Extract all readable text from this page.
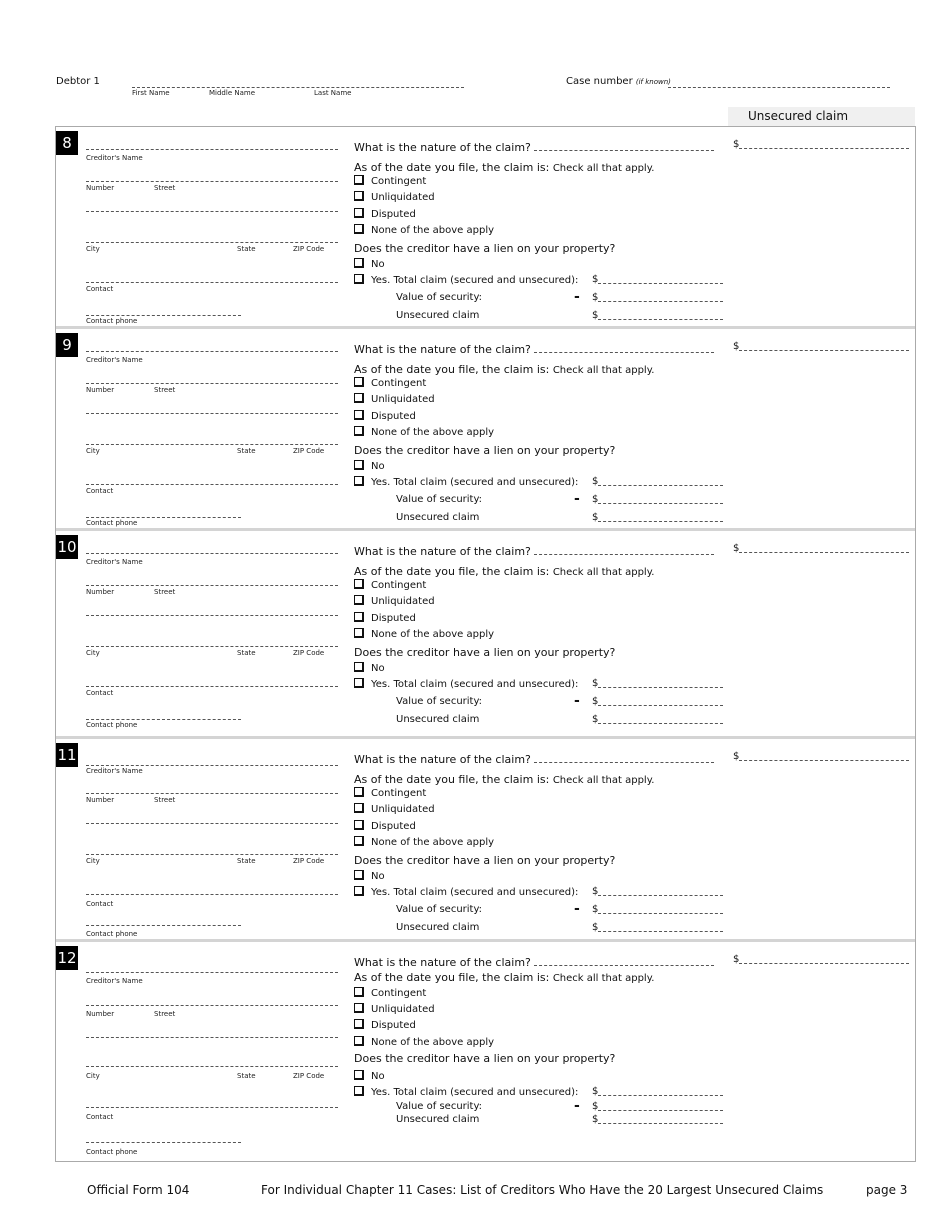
Debtor 1
First Name	Middle Name	Last Name
Case number (if known)
Unsecured claim
8
Creditor's Name
Number	Street
City	State	ZIP Code
Contact
Contact phone
What is the nature of the claim?
As of the date you file, the claim is: Check all that apply.
Contingent
Unliquidated
Disputed
None of the above apply
Does the creditor have a lien on your property?
No
Yes. Total claim (secured and unsecured): $
Value of security:	- $
Unsecured claim	$
$
9
Creditor's Name
Number	Street
City	State	ZIP Code
Contact
Contact phone
What is the nature of the claim?
As of the date you file, the claim is: Check all that apply.
Contingent
Unliquidated
Disputed
None of the above apply
Does the creditor have a lien on your property?
No
Yes. Total claim (secured and unsecured): $
Value of security:	- $
Unsecured claim	$
$
10
Creditor's Name
Number	Street
City	State	ZIP Code
Contact
Contact phone
What is the nature of the claim?
As of the date you file, the claim is: Check all that apply.
Contingent
Unliquidated
Disputed
None of the above apply
Does the creditor have a lien on your property?
No
Yes. Total claim (secured and unsecured): $
Value of security:	- $
Unsecured claim	$
$
11
Creditor's Name
Number	Street
City	State	ZIP Code
Contact
Contact phone
What is the nature of the claim?
As of the date you file, the claim is: Check all that apply.
Contingent
Unliquidated
Disputed
None of the above apply
Does the creditor have a lien on your property?
No
Yes. Total claim (secured and unsecured): $
Value of security:	- $
Unsecured claim	$
$
12
Creditor's Name
Number	Street
City	State	ZIP Code
Contact
Contact phone
What is the nature of the claim?
As of the date you file, the claim is: Check all that apply.
Contingent
Unliquidated
Disputed
None of the above apply
Does the creditor have a lien on your property?
No
Yes. Total claim (secured and unsecured): $
Value of security:	- $
Unsecured claim	$
$
Official Form 104	For Individual Chapter 11 Cases: List of Creditors Who Have the 20 Largest Unsecured Claims	page 3
